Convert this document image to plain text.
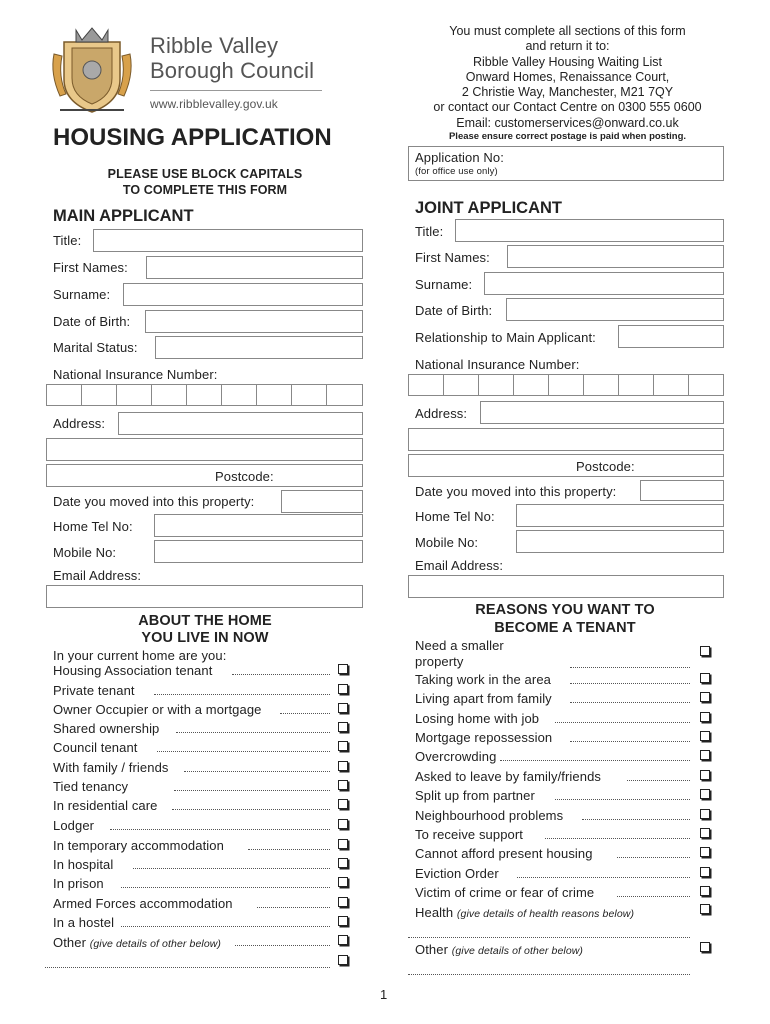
Ribble Valley
Borough Council
www.ribblevalley.gov.uk
HOUSING APPLICATION
PLEASE USE BLOCK CAPITALS
TO COMPLETE THIS FORM
You must complete all sections of this form
and return it to:
Ribble Valley Housing Waiting List
Onward Homes, Renaissance Court,
2 Christie Way, Manchester, M21 7QY
or contact our Contact Centre on 0300 555 0600
Email: customerservices@onward.co.uk
Please ensure correct postage is paid when posting.
Application No:
(for office use only)
MAIN APPLICANT
Title:
First Names:
Surname:
Date of Birth:
Marital Status:
National Insurance Number:
Address:
Postcode:
Date you moved into this property:
Home Tel No:
Mobile No:
Email Address:
JOINT APPLICANT
Title:
First Names:
Surname:
Date of Birth:
Relationship to Main Applicant:
National Insurance Number:
Address:
Postcode:
Date you moved into this property:
Home Tel No:
Mobile No:
Email Address:
ABOUT THE HOME
YOU LIVE IN NOW
In your current home are you:
Housing Association tenant
Private tenant
Owner Occupier or with a mortgage
Shared ownership
Council tenant
With family / friends
Tied tenancy
In residential care
Lodger
In temporary accommodation
In hospital
In prison
Armed Forces accommodation
In a hostel
Other (give details of other below)
REASONS YOU WANT TO
BECOME A TENANT
Need a smaller
property
Taking work in the area
Living apart from family
Losing home with job
Mortgage repossession
Overcrowding
Asked to leave by family/friends
Split up from partner
Neighbourhood problems
To receive support
Cannot afford present housing
Eviction Order
Victim of crime or fear of crime
Health (give details of health reasons below)
Other (give details of other below)
1
